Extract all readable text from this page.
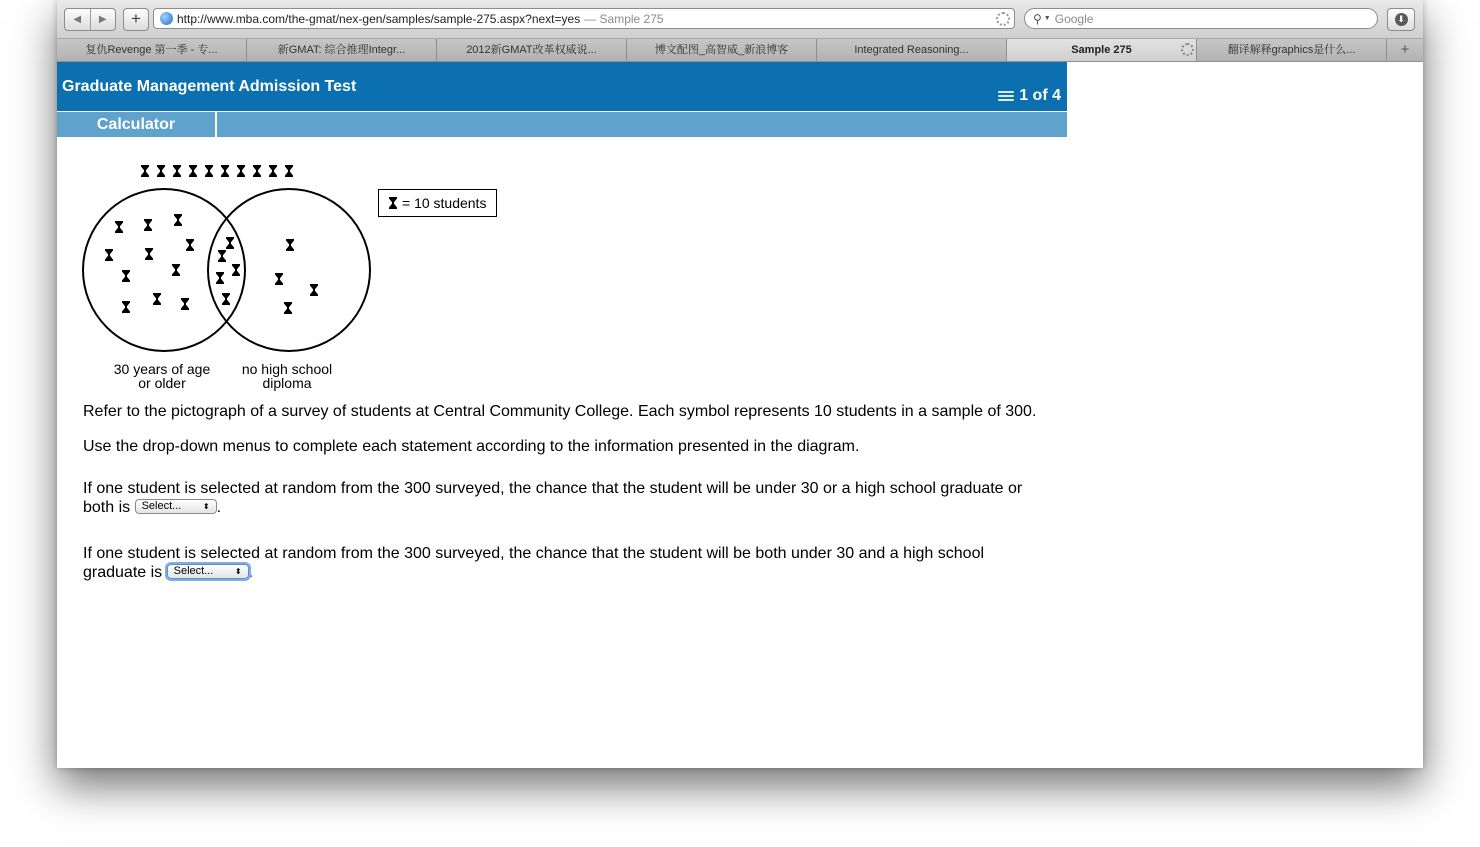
◀	▶	+	http://www.mba.com/the-gmat/nex-gen/samples/sample-275.aspx?next=yes — Sample 275	⚲ ▼ Google	⬇
复仇Revenge 第一季 - 专...	新GMAT: 综合推理Integr...	2012新GMAT改革权威说...	博文配图_高智威_新浪博客	Integrated Reasoning...	Sample 275	翻译解释graphics是什么...	+
Graduate Management Admission Test
1 of 4
Calculator
30 years of age
or older
no high school
diploma
= 10 students
Refer to the pictograph of a survey of students at Central Community College. Each symbol represents 10 students in a sample of 300.
Use the drop-down menus to complete each statement according to the information presented in the diagram.
If one student is selected at random from the 300 surveyed, the chance that the student will be under 30 or a high school graduate or both is Select...	⬍ .
If one student is selected at random from the 300 surveyed, the chance that the student will be both under 30 and a high school graduate is Select...	⬍ .
